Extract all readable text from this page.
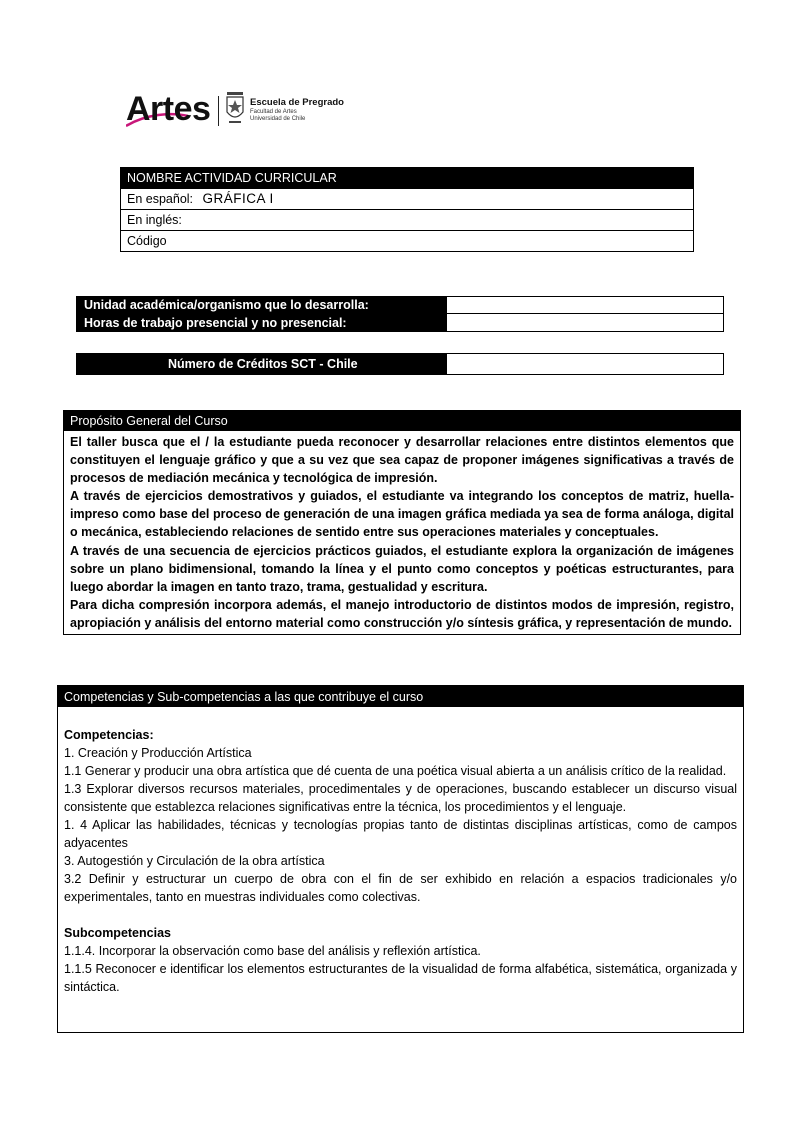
Artes	Escuela de Pregrado
Facultad de Artes
Universidad de Chile
NOMBRE ACTIVIDAD CURRICULAR
En español: GRÁFICA I
En inglés:
Código
Unidad académica/organismo que lo desarrolla:
Horas de trabajo presencial y no presencial:
Número de Créditos SCT - Chile
Propósito General del Curso

El taller busca que el / la estudiante pueda reconocer y desarrollar relaciones entre distintos elementos que constituyen el lenguaje gráfico y que a su vez que sea capaz de proponer imágenes significativas a través de procesos de mediación mecánica y tecnológica de impresión.

A través de ejercicios demostrativos y guiados, el estudiante va integrando los conceptos de matriz, huella-impreso como base del proceso de generación de una imagen gráfica mediada ya sea de forma análoga, digital o mecánica, estableciendo relaciones de sentido entre sus operaciones materiales y conceptuales.

A través de una secuencia de ejercicios prácticos guiados, el estudiante explora la organización de imágenes sobre un plano bidimensional, tomando la línea y el punto como conceptos y poéticas estructurantes, para luego abordar la imagen en tanto trazo, trama, gestualidad y escritura.

Para dicha compresión incorpora además, el manejo introductorio de distintos modos de impresión, registro, apropiación y análisis del entorno material como construcción y/o síntesis gráfica, y representación de mundo.

Competencias y Sub-competencias a las que contribuye el curso

Competencias:

1. Creación y Producción Artística

1.1 Generar y producir una obra artística que dé cuenta de una poética visual abierta a un análisis crítico de la realidad.

1.3 Explorar diversos recursos materiales, procedimentales y de operaciones, buscando establecer un discurso visual consistente que establezca relaciones significativas entre la técnica, los procedimientos y el lenguaje.

1. 4 Aplicar las habilidades, técnicas y tecnologías propias tanto de distintas disciplinas artísticas, como de campos adyacentes

3. Autogestión y Circulación de la obra artística

3.2 Definir y estructurar un cuerpo de obra con el fin de ser exhibido en relación a espacios tradicionales y/o experimentales, tanto en muestras individuales como colectivas.

Subcompetencias

1.1.4. Incorporar la observación como base del análisis y reflexión artística.

1.1.5 Reconocer e identificar los elementos estructurantes de la visualidad de forma alfabética, sistemática, organizada y sintáctica.
